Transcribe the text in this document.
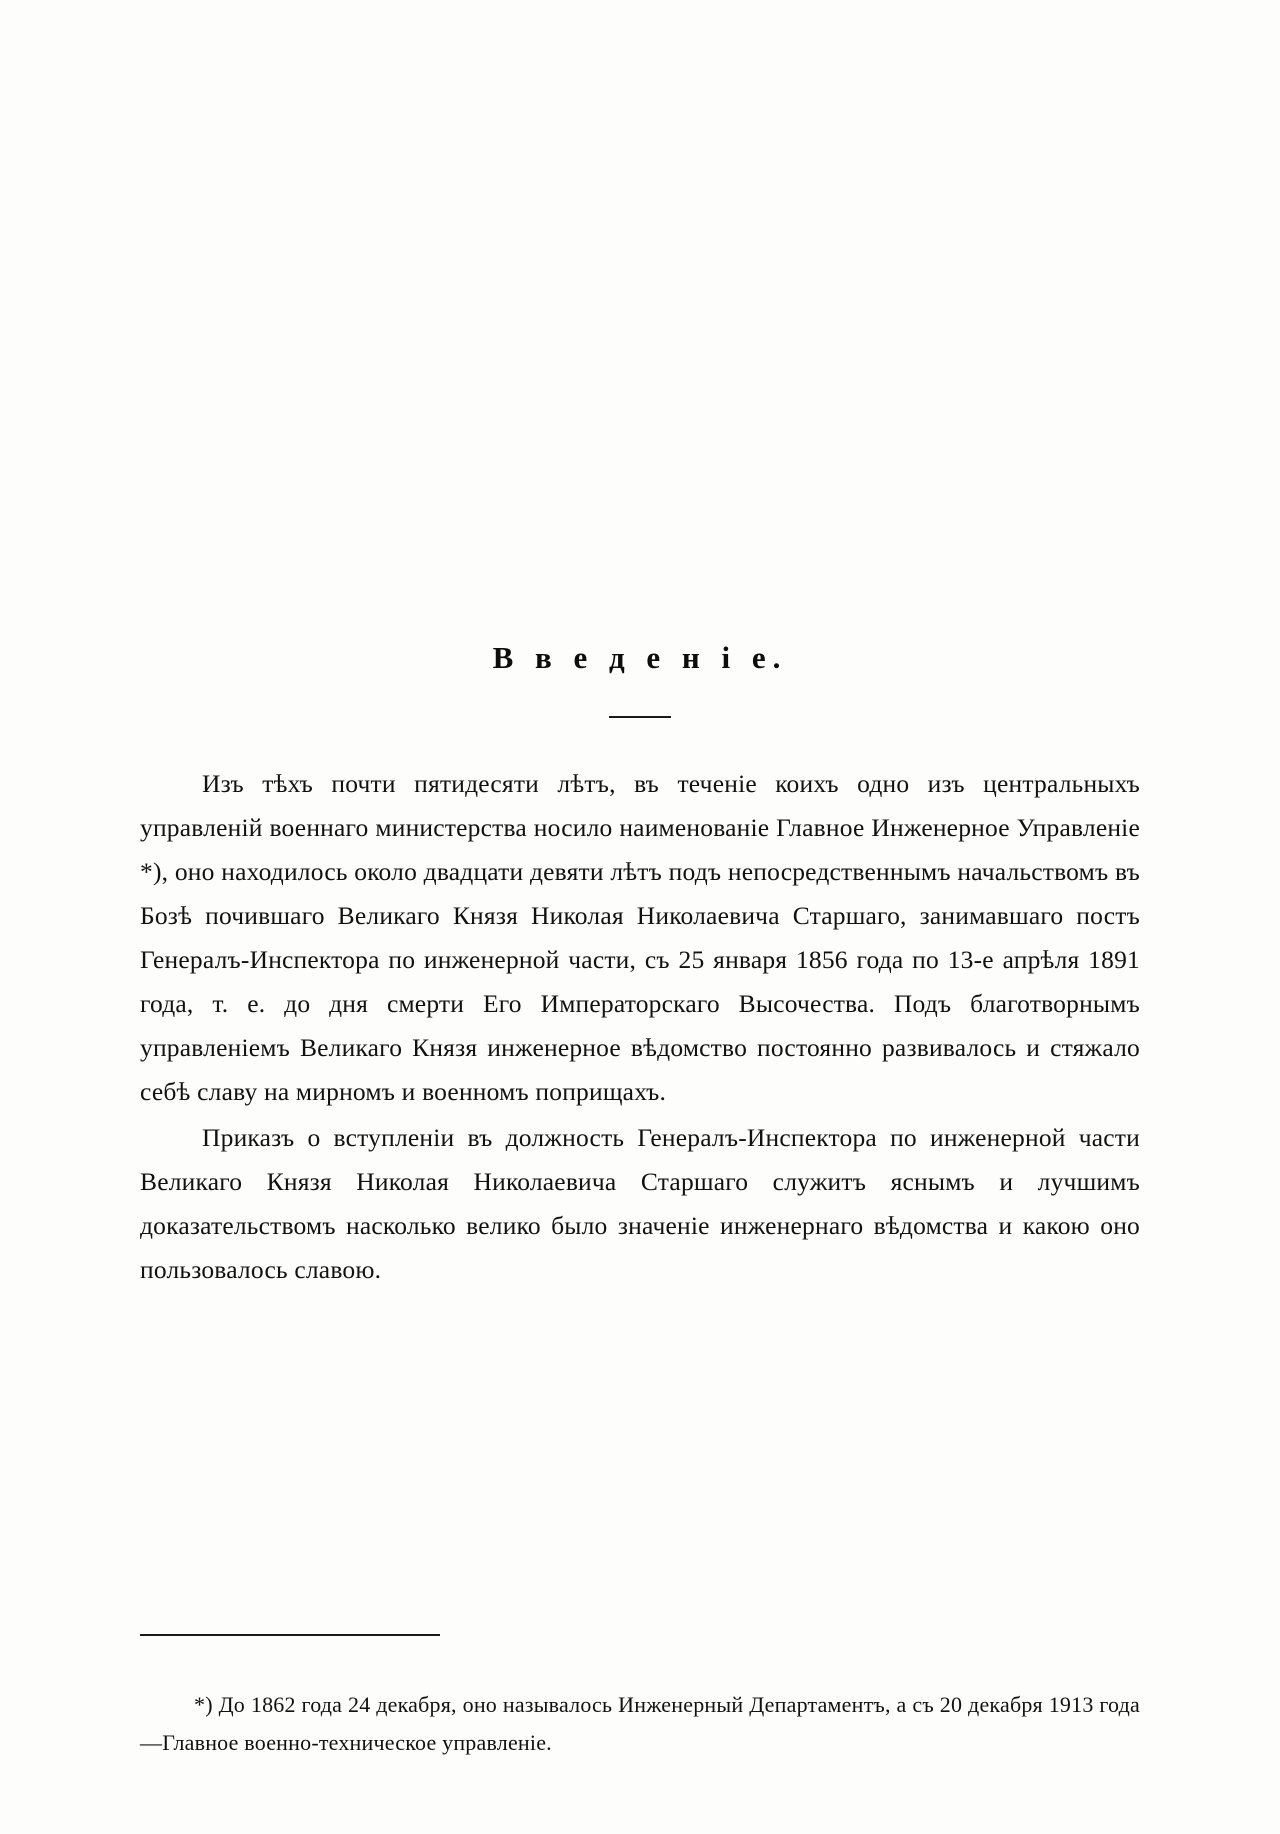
В в е д е н i е.

Изъ тѣхъ почти пятидесяти лѣтъ, въ теченiе коихъ одно изъ центральныхъ управленiй военнаго министерства носило наименованiе Главное Инженерное Управленiе *), оно находилось около двадцати девяти лѣтъ подъ непосредственнымъ начальствомъ въ Бозѣ почившаго Великаго Князя Николая Николаевича Старшаго, занимавшаго постъ Генералъ-Инспектора по инженерной части, съ 25 января 1856 года по 13-е апрѣля 1891 года, т. е. до дня смерти Его Императорскаго Высочества. Подъ благотворнымъ управленiемъ Великаго Князя инженерное вѣдомство постоянно развивалось и стяжало себѣ славу на мирномъ и военномъ поприщахъ.

Приказъ о вступленiи въ должность Генералъ-Инспектора по инженерной части Великаго Князя Николая Николаевича Старшаго служитъ яснымъ и лучшимъ доказательствомъ насколько велико было значенiе инженернаго вѣдомства и какою оно пользовалось славою.

*) До 1862 года 24 декабря, оно называлось Инженерный Департаментъ, а съ 20 декабря 1913 года—Главное военно-техническое управленiе.
